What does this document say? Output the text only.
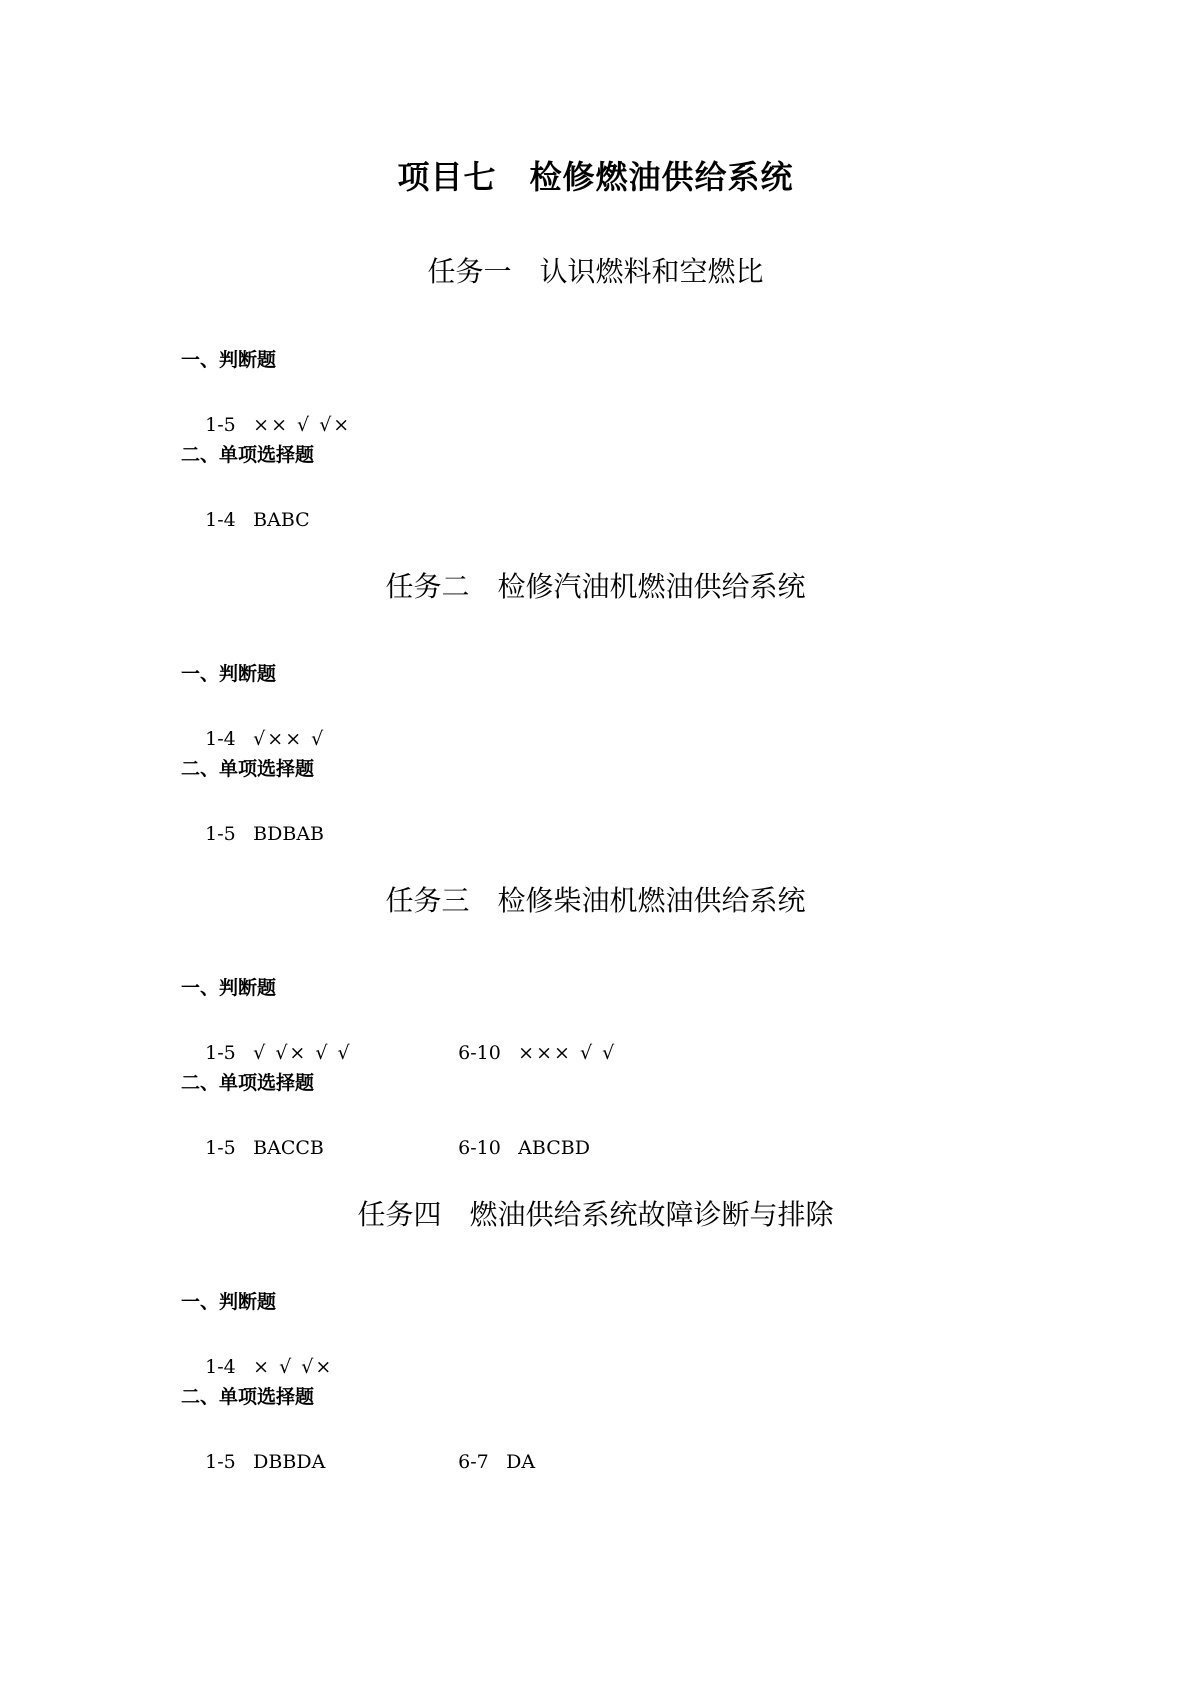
项目七　检修燃油供给系统
任务一　认识燃料和空燃比
一、判断题

1-5 ×× √ √×

二、单项选择题

1-4 BABC

任务二　检修汽油机燃油供给系统
一、判断题

1-4 √×× √

二、单项选择题

1-5 BDBAB

任务三　检修柴油机燃油供给系统
一、判断题

1-5 √ √× √ √	6-10 ××× √ √

二、单项选择题

1-5 BACCB	6-10 ABCBD

任务四　燃油供给系统故障诊断与排除
一、判断题

1-4 × √ √×

二、单项选择题

1-5 DBBDA	6-7 DA
